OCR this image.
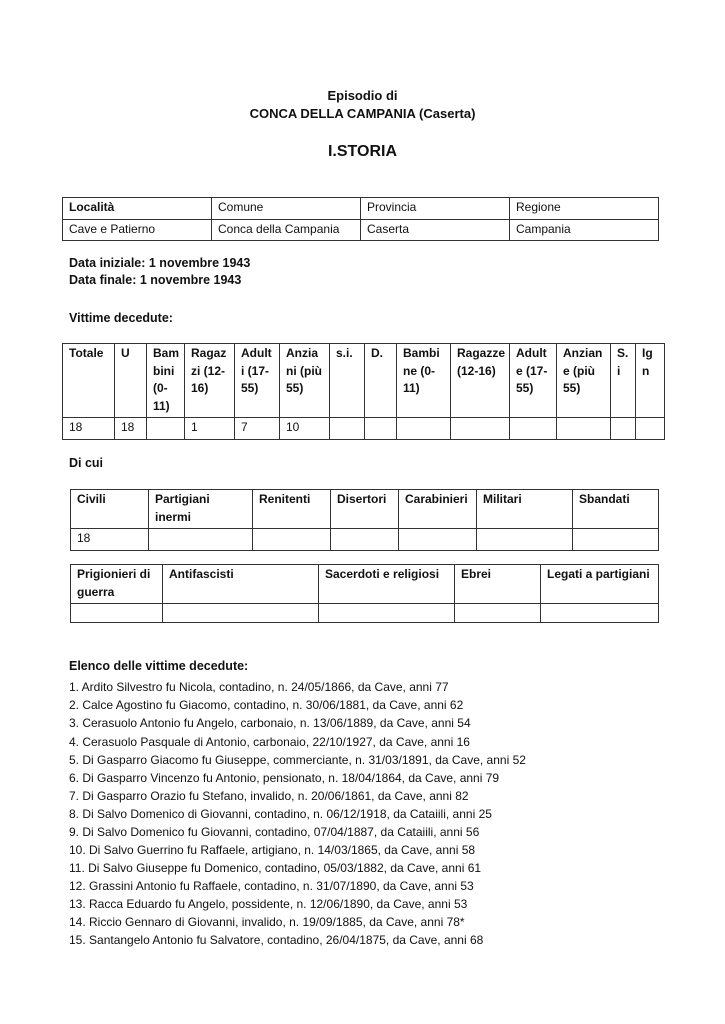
Episodio di
CONCA DELLA CAMPANIA (Caserta)
I.STORIA
Località	Comune	Provincia	Regione
Cave e Patierno	Conca della Campania	Caserta	Campania
Data iniziale: 1 novembre 1943
Data finale: 1 novembre 1943
Vittime decedute:
Totale	U	Bam bini (0- 11)	Ragaz zi (12- 16)	Adult i (17- 55)	Anzia ni (più 55)	s.i.	D.	Bambi ne (0- 11)	Ragazze (12-16)	Adult e (17- 55)	Anzian e (più 55)	S. i	Ig n
18	18		1	7	10								
Di cui
Civili	Partigiani inermi	Renitenti	Disertori	Carabinieri	Militari	Sbandati
18						
Prigionieri di guerra	Antifascisti	Sacerdoti e religiosi	Ebrei	Legati a partigiani

Elenco delle vittime decedute:
1. Ardito Silvestro fu Nicola, contadino, n. 24/05/1866, da Cave, anni 77
2. Calce Agostino fu Giacomo, contadino, n. 30/06/1881, da Cave, anni 62
3. Cerasuolo Antonio fu Angelo, carbonaio, n. 13/06/1889, da Cave, anni 54
4. Cerasuolo Pasquale di Antonio, carbonaio, 22/10/1927, da Cave, anni 16
5. Di Gasparro Giacomo fu Giuseppe, commerciante, n. 31/03/1891, da Cave, anni 52
6. Di Gasparro Vincenzo fu Antonio, pensionato, n. 18/04/1864, da Cave, anni 79
7. Di Gasparro Orazio fu Stefano, invalido, n. 20/06/1861, da Cave, anni 82
8. Di Salvo Domenico di Giovanni, contadino, n. 06/12/1918, da Cataiili, anni 25
9. Di Salvo Domenico fu Giovanni, contadino, 07/04/1887, da Cataiili, anni 56
10. Di Salvo Guerrino fu Raffaele, artigiano, n. 14/03/1865, da Cave, anni 58
11. Di Salvo Giuseppe fu Domenico, contadino, 05/03/1882, da Cave, anni 61
12. Grassini Antonio fu Raffaele, contadino, n. 31/07/1890, da Cave, anni 53
13. Racca Eduardo fu Angelo, possidente, n. 12/06/1890, da Cave, anni 53
14. Riccio Gennaro di Giovanni, invalido, n. 19/09/1885, da Cave, anni 78*
15. Santangelo Antonio fu Salvatore, contadino, 26/04/1875, da Cave, anni 68
